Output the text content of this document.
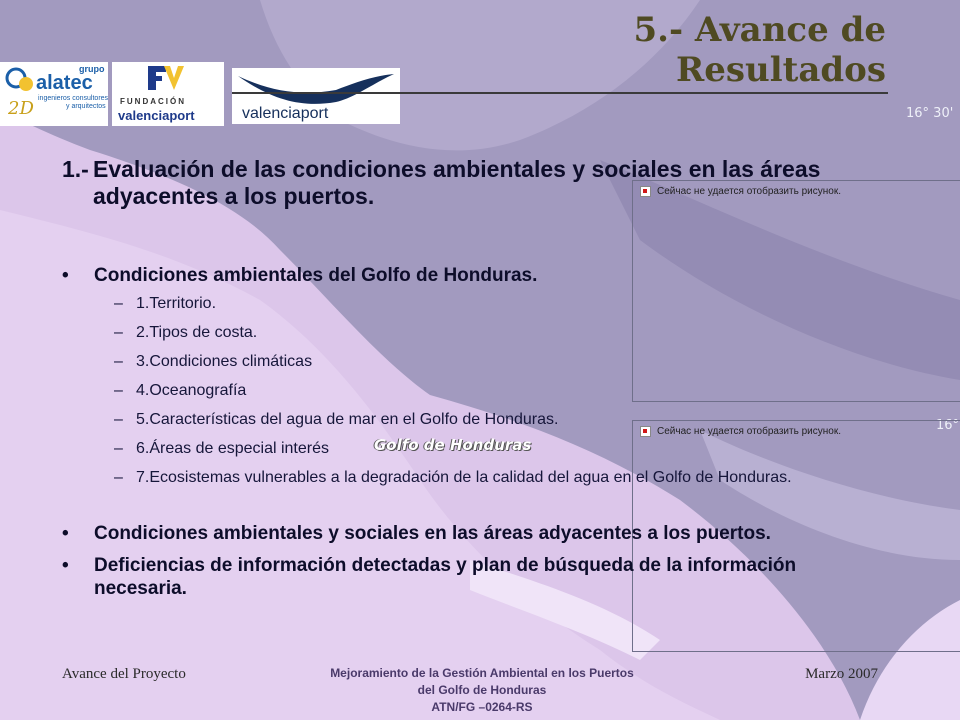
16° 30'
16°
Сейчас не удается отобразить рисунок.
Сейчас не удается отобразить рисунок.
grupo
alatec
ingenieros consultores
y arquitectos
2D	FUNDACIÓN
valenciaport	valenciaport
5.- Avance de
Resultados
1.- Evaluación de las condiciones ambientales y sociales en las áreas adyacentes a los puertos.
•	Condiciones ambientales del Golfo de Honduras.
– 1.Territorio.
– 2.Tipos de costa.
– 3.Condiciones climáticas
– 4.Oceanografía
– 5.Características del agua de mar en el Golfo de Honduras.
– 6.Áreas de especial interés
– 7.Ecosistemas vulnerables a la degradación de la calidad del agua en el Golfo de Honduras.
Golfo de Honduras
•	Condiciones ambientales y sociales en las áreas adyacentes a los puertos.
•	Deficiencias de información detectadas y plan de búsqueda de la información necesaria.
Avance del Proyecto	Mejoramiento de la Gestión Ambiental en los Puertos
del Golfo de Honduras
ATN/FG –0264-RS
Marzo 2007
